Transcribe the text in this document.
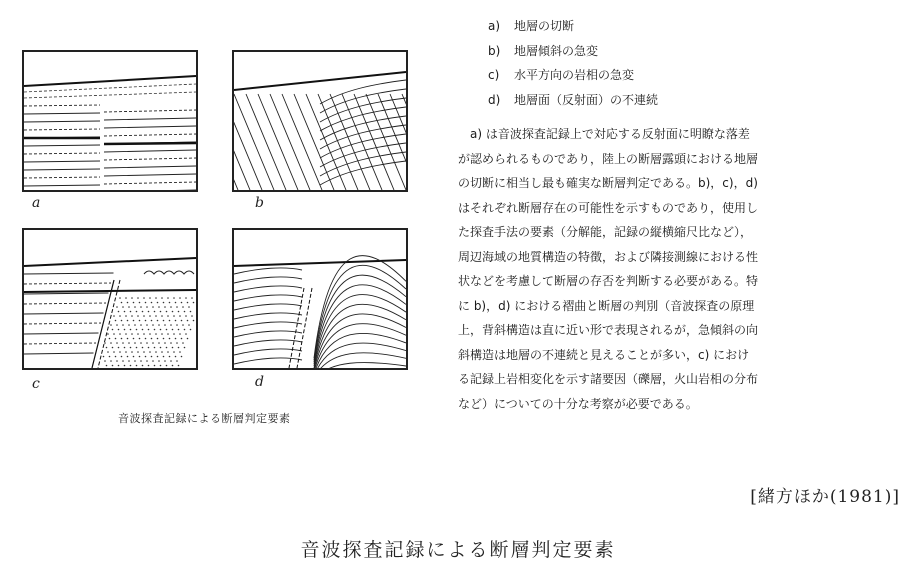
a	b
c	d
音波探査記録による断層判定要素
a) 地層の切断
b) 地層傾斜の急変
c) 水平方向の岩相の急変
d) 地層面（反射面）の不連続

　a) は音波探査記録上で対応する反射面に明瞭な落差
が認められるものであり，陸上の断層露頭における地層
の切断に相当し最も確実な断層判定である。b)，c)，d)
はそれぞれ断層存在の可能性を示すものであり，使用し
た探査手法の要素（分解能，記録の縦横縮尺比など），
周辺海域の地質構造の特徴，および隣接測線における性
状などを考慮して断層の存否を判断する必要がある。特
に b)，d) における褶曲と断層の判別（音波探査の原理
上，背斜構造は直に近い形で表現されるが，急傾斜の向
斜構造は地層の不連続と見えることが多い，c) におけ
る記録上岩相変化を示す諸要因（礫層，火山岩相の分布
など）についての十分な考察が必要である。

[緒方ほか(1981)]
音波探査記録による断層判定要素
